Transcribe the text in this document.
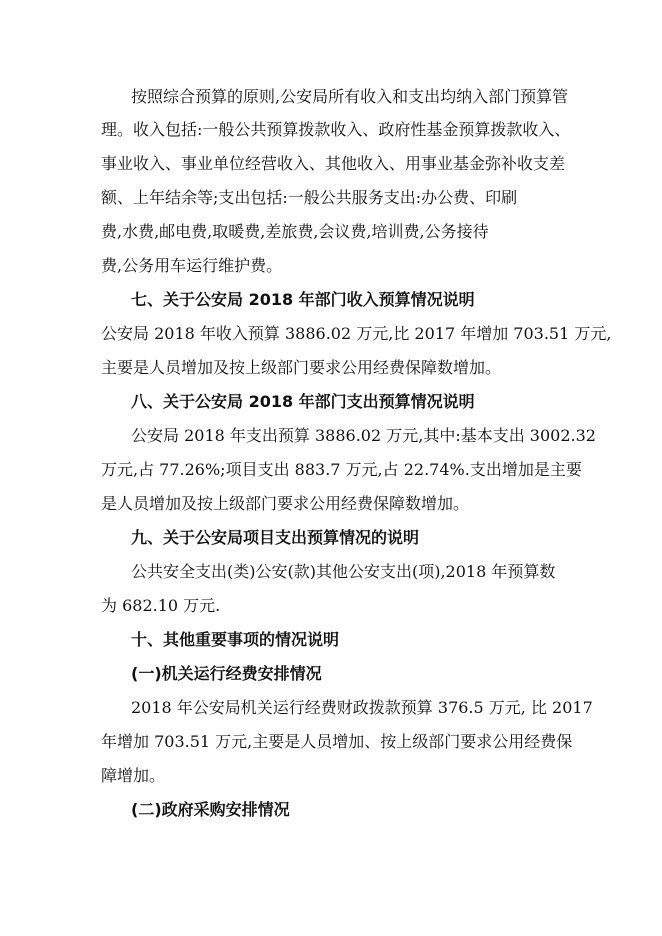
按照综合预算的原则,公安局所有收入和支出均纳入部门预算管
理。收入包括:一般公共预算拨款收入、政府性基金预算拨款收入、
事业收入、事业单位经营收入、其他收入、用事业基金弥补收支差
额、上年结余等;支出包括:一般公共服务支出:办公费、印刷
费,水费,邮电费,取暖费,差旅费,会议费,培训费,公务接待
费,公务用车运行维护费。
七、关于公安局 2018 年部门收入预算情况说明
公安局 2018 年收入预算 3886.02 万元,比 2017 年增加 703.51 万元,
主要是人员增加及按上级部门要求公用经费保障数增加。
八、关于公安局 2018 年部门支出预算情况说明
公安局 2018 年支出预算 3886.02 万元,其中:基本支出 3002.32
万元,占 77.26%;项目支出 883.7 万元,占 22.74%.支出增加是主要
是人员增加及按上级部门要求公用经费保障数增加。
九、关于公安局项目支出预算情况的说明
公共安全支出(类)公安(款)其他公安支出(项),2018 年预算数
为 682.10 万元.
十、其他重要事项的情况说明
(一)机关运行经费安排情况
2018 年公安局机关运行经费财政拨款预算 376.5 万元, 比 2017
年增加 703.51 万元,主要是人员增加、按上级部门要求公用经费保
障增加。
(二)政府采购安排情况
